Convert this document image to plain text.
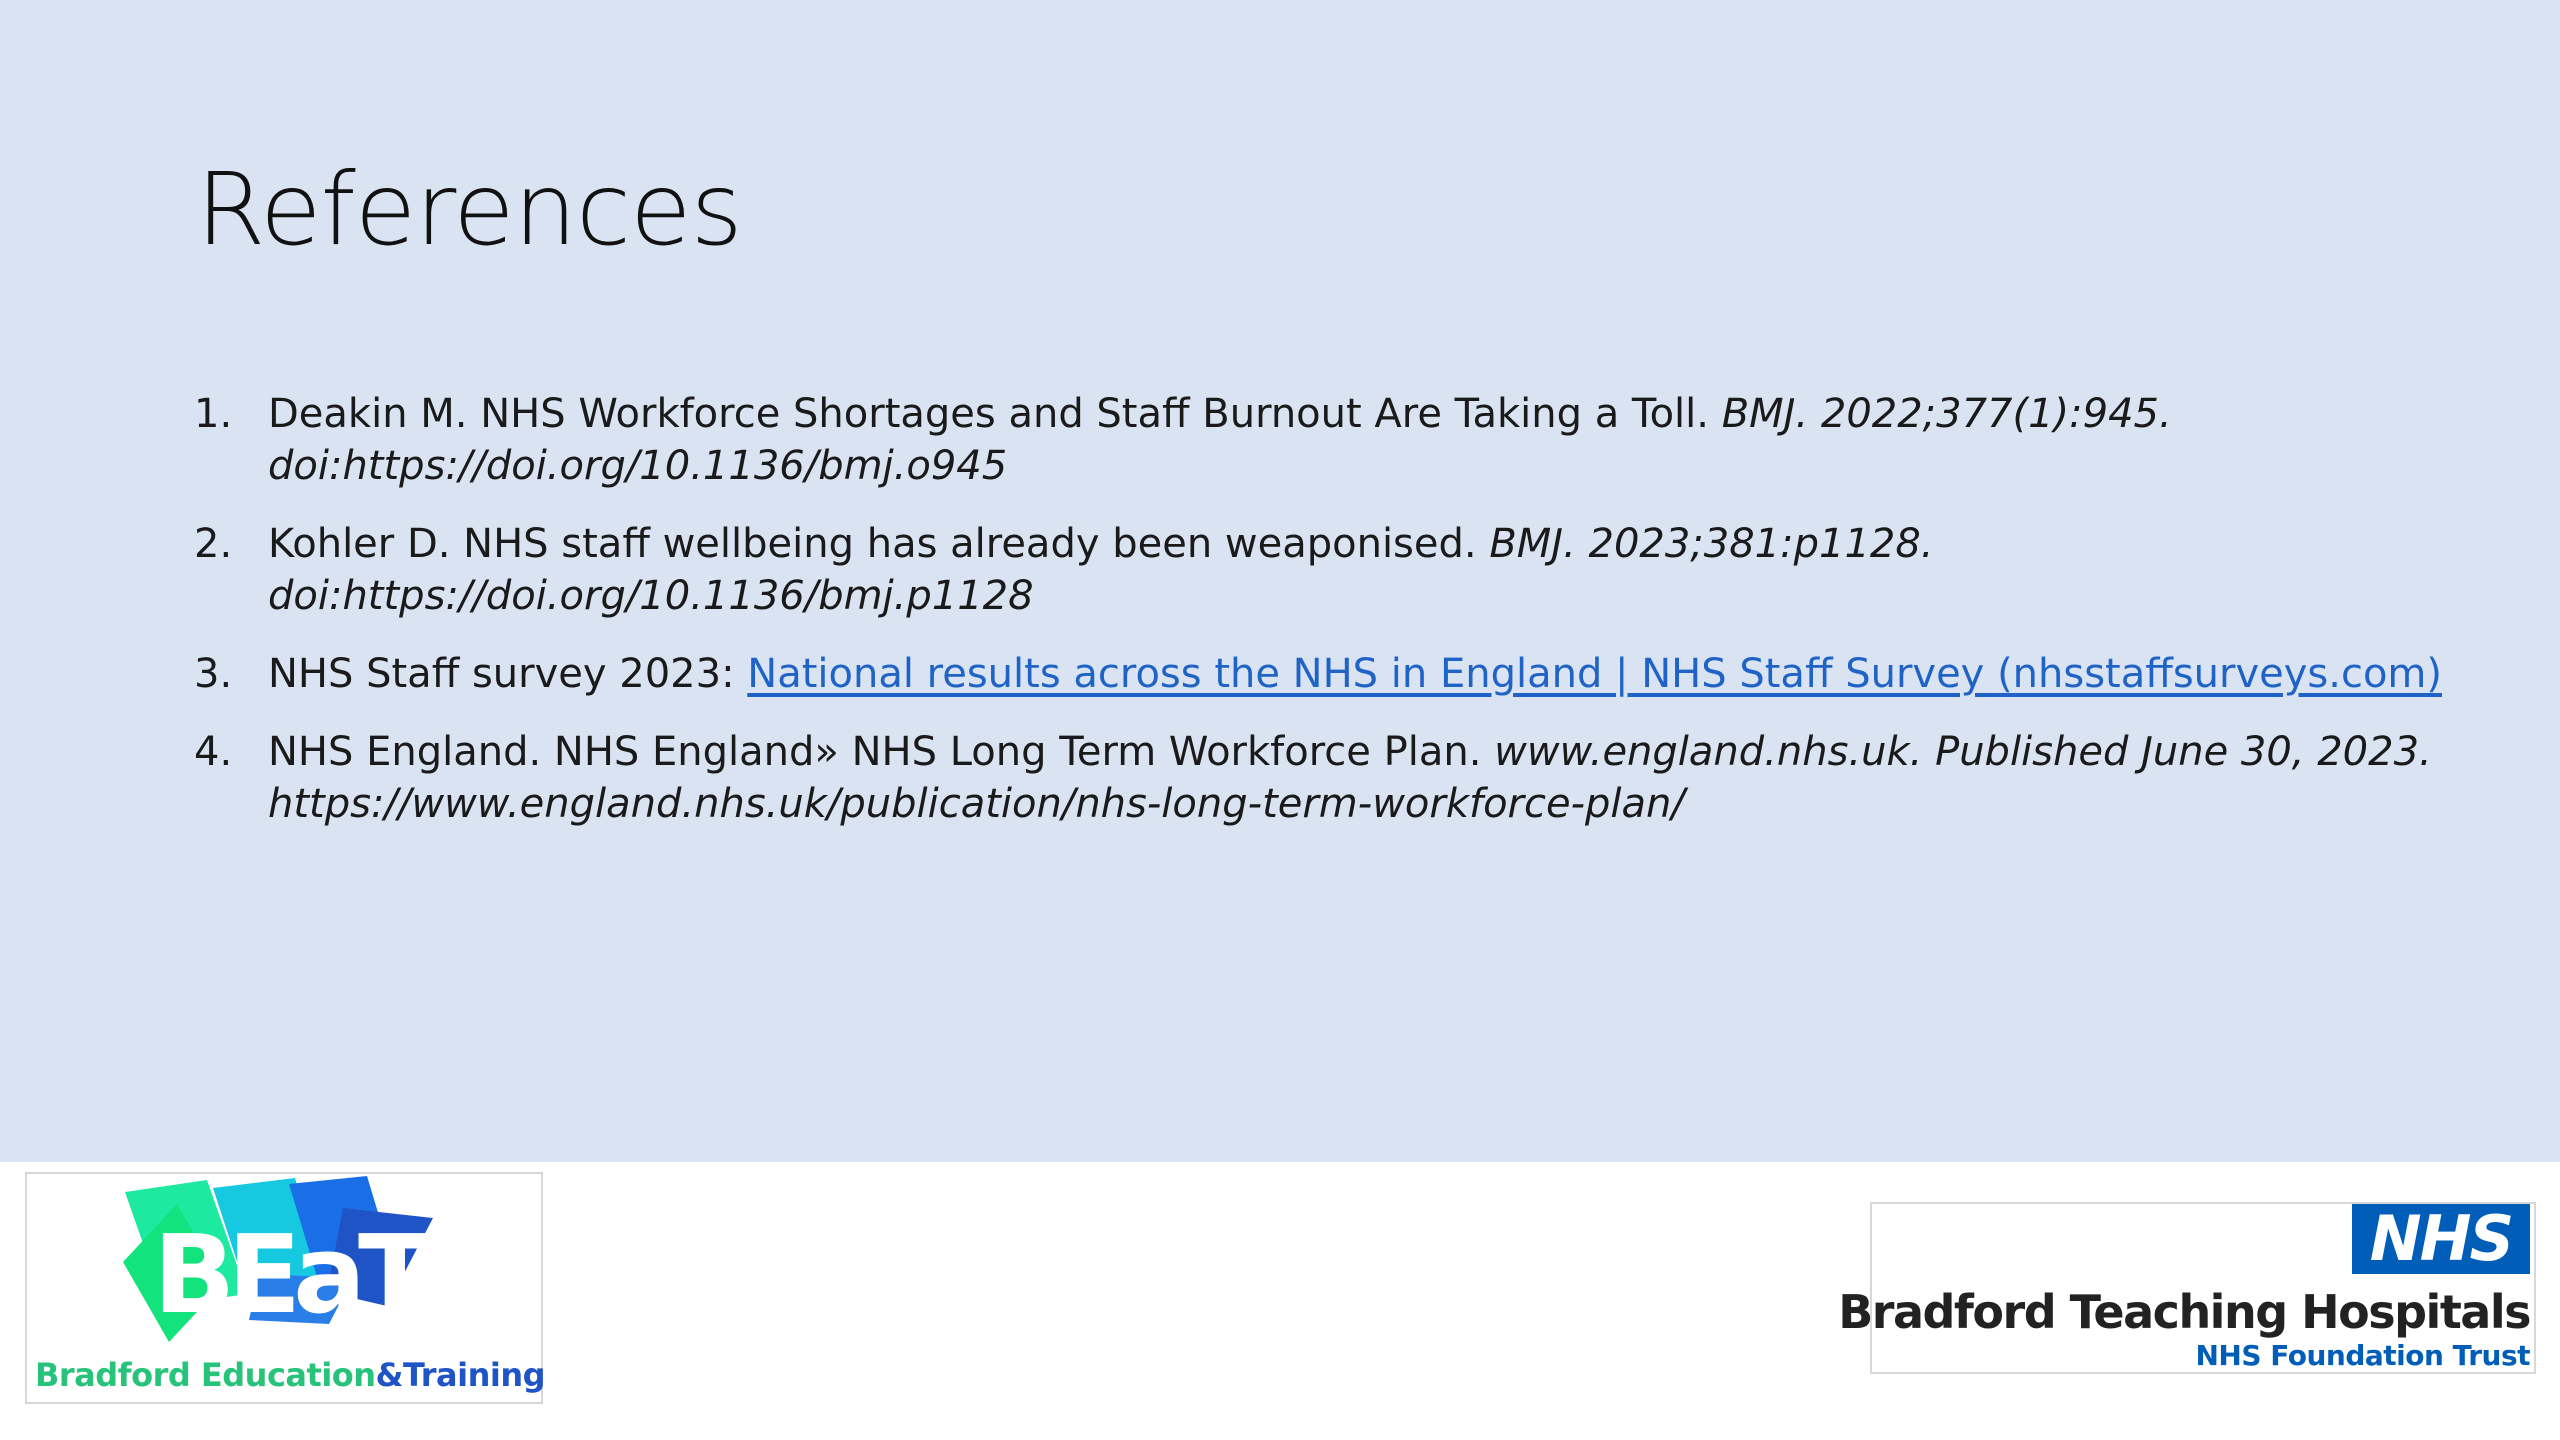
References
1. Deakin M. NHS Workforce Shortages and Staff Burnout Are Taking a Toll. BMJ. 2022;377(1):945.
doi:https://doi.org/10.1136/bmj.o945
2. Kohler D. NHS staff wellbeing has already been weaponised. BMJ. 2023;381:p1128.
doi:https://doi.org/10.1136/bmj.p1128
3. NHS Staff survey 2023: National results across the NHS in England | NHS Staff Survey (nhsstaffsurveys.com)
4. NHS England. NHS England» NHS Long Term Workforce Plan. www.england.nhs.uk. Published June 30, 2023.
https://www.england.nhs.uk/publication/nhs-long-term-workforce-plan/
BEaT
Bradford Education&Training
NHS
Bradford Teaching Hospitals
NHS Foundation Trust
